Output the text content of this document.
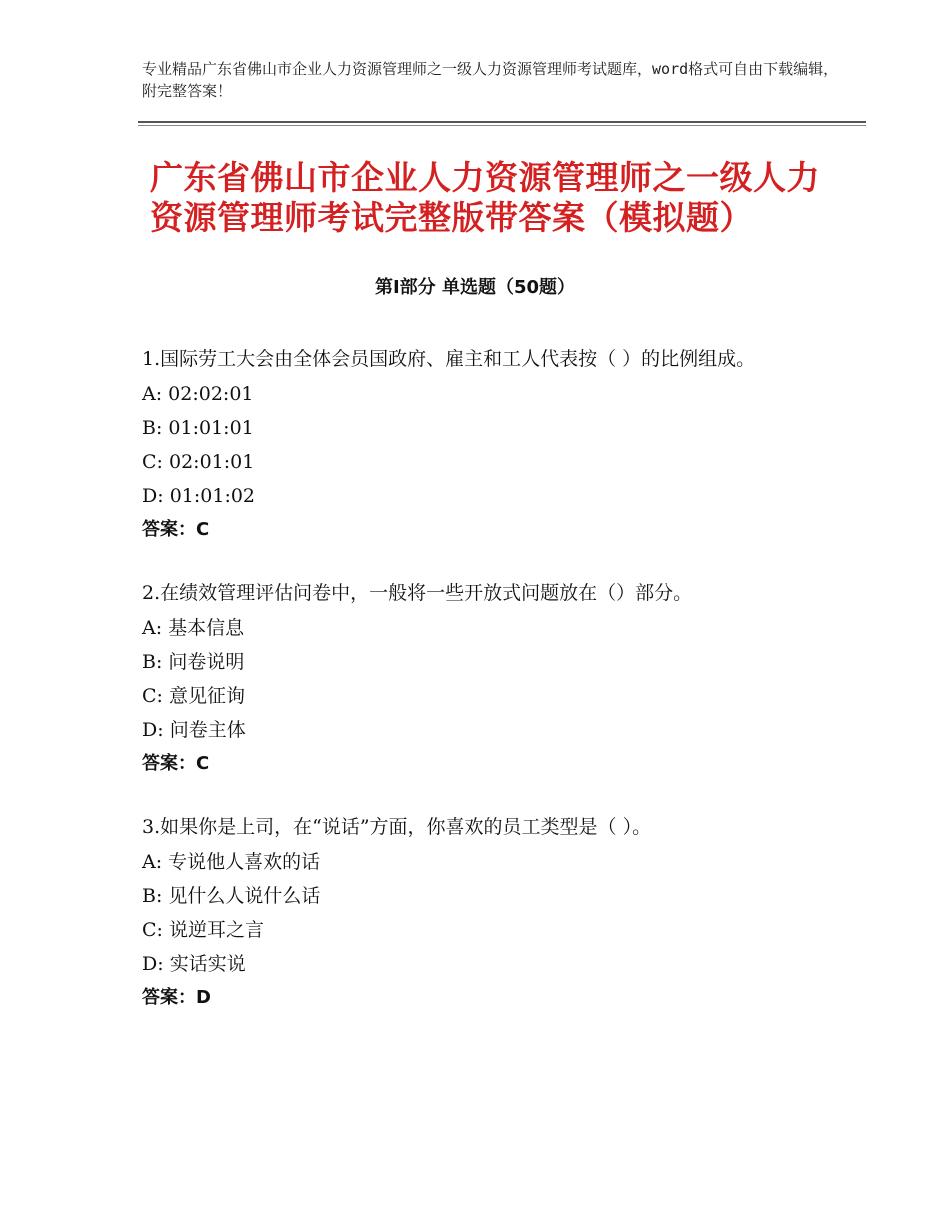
专业精品广东省佛山市企业人力资源管理师之一级人力资源管理师考试题库，word格式可自由下载编辑，附完整答案！
广东省佛山市企业人力资源管理师之一级人力资源管理师考试完整版带答案（模拟题）
第Ⅰ部分 单选题（50题）
1.国际劳工大会由全体会员国政府、雇主和工人代表按（ ）的比例组成。
A: 02:02:01
B: 01:01:01
C: 02:01:01
D: 01:01:02
答案：C
2.在绩效管理评估问卷中，一般将一些开放式问题放在（）部分。
A: 基本信息
B: 问卷说明
C: 意见征询
D: 问卷主体
答案：C
3.如果你是上司，在“说话”方面，你喜欢的员工类型是（ ）。
A: 专说他人喜欢的话
B: 见什么人说什么话
C: 说逆耳之言
D: 实话实说
答案：D
